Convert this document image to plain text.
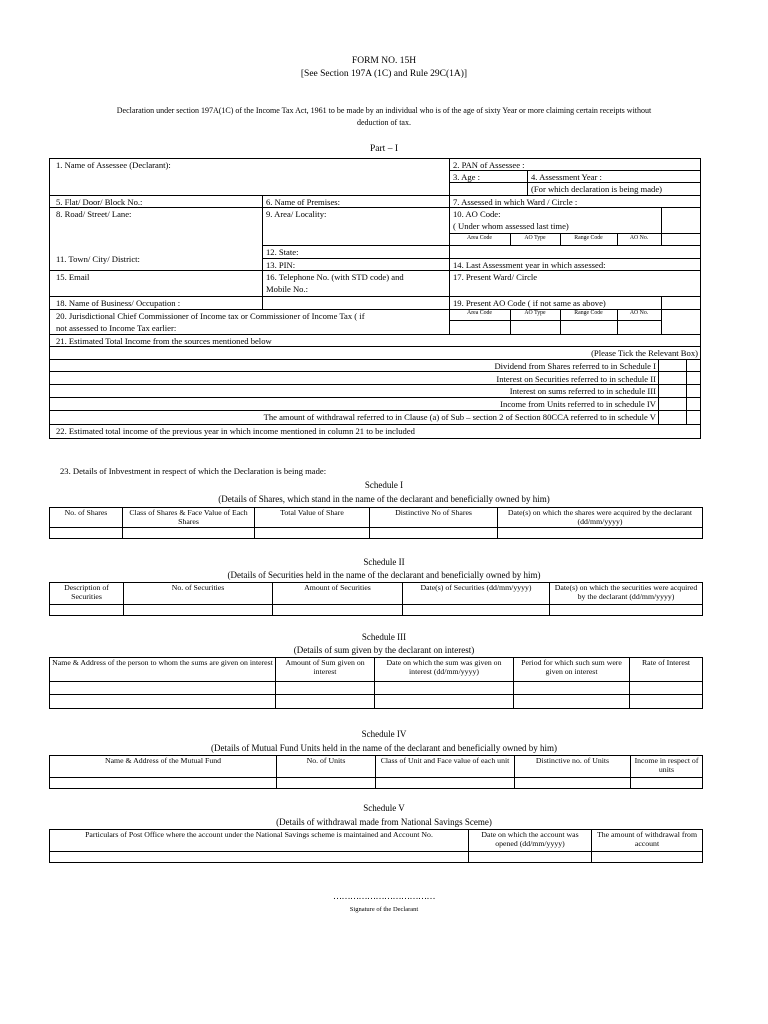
FORM NO. 15H
[See Section 197A (1C) and Rule 29C(1A)]
Declaration under section 197A(1C) of the Income Tax Act, 1961 to be made by an individual who is of the age of sixty Year or more claiming certain receipts without
deduction of tax.
Part – I
1. Name of Assessee (Declarant):	2. PAN of Assessee :
3. Age :	4. Assessment Year :
(For which declaration is being made)
5. Flat/ Door/ Block No.:	6. Name of Premises:	7. Assessed in which Ward / Circle :
8. Road/ Street/ Lane:	9. Area/ Locality:	10. AO Code:
( Under whom assessed last time)
Area Code	AO Type	Range Code	AO No.
11. Town/ City/ District:
12. State:
13. PIN:	14. Last Assessment year in which assessed:
15. Email	16. Telephone No. (with STD code) and
Mobile No.:
17. Present Ward/ Circle
18. Name of Business/ Occupation :	19. Present AO Code ( if not same as above)
Area Code	AO Type	Range Code	AO No.
20. Jurisdictional Chief Commissioner of Income tax or Commissioner of Income Tax ( if
not assessed to Income Tax earlier:
21. Estimated Total Income from the sources mentioned below
(Please Tick the Relevant Box)
Dividend from Shares referred to in Schedule I
Interest on Securities referred to in schedule II
Interest on sums referred to in schedule III
Income from Units referred to in schedule IV
The amount of withdrawal referred to in Clause (a) of Sub – section 2 of Section 80CCA referred to in schedule V
22. Estimated total income of the previous year in which income mentioned in column 21 to be included
23. Details of Inbvestment in respect of which the Declaration is being made:
Schedule I
(Details of Shares, which stand in the name of the declarant and beneficially owned by him)
No. of Shares	Class of Shares & Face Value of Each Shares	Total Value of Share	Distinctive No of Shares	Date(s) on which the shares were acquired by the declarant (dd/mm/yyyy)

Schedule II
(Details of Securities held in the name of the declarant and beneficially owned by him)
Description of Securities	No. of Securities	Amount of Securities	Date(s) of Securities (dd/mm/yyyy)	Date(s) on which the securities were acquired by the declarant (dd/mm/yyyy)

Schedule III
(Details of sum given by the declarant on interest)
Name & Address of the person to whom the sums are given on interest	Amount of Sum given on interest	Date on which the sum was given on interest (dd/mm/yyyy)	Period for which such sum were given on interest	Rate of Interest

Schedule IV
(Details of Mutual Fund Units held in the name of the declarant and beneficially owned by him)
Name & Address of the Mutual Fund	No. of Units	Class of Unit and Face value of each unit	Distinctive no. of Units	Income in respect of units

Schedule V
(Details of withdrawal made from National Savings Sceme)
Particulars of Post Office where the account under the National Savings scheme is maintained and Account No.	Date on which the account was opened (dd/mm/yyyy)	The amount of withdrawal from account

………………………………
Signature of the Declarant
